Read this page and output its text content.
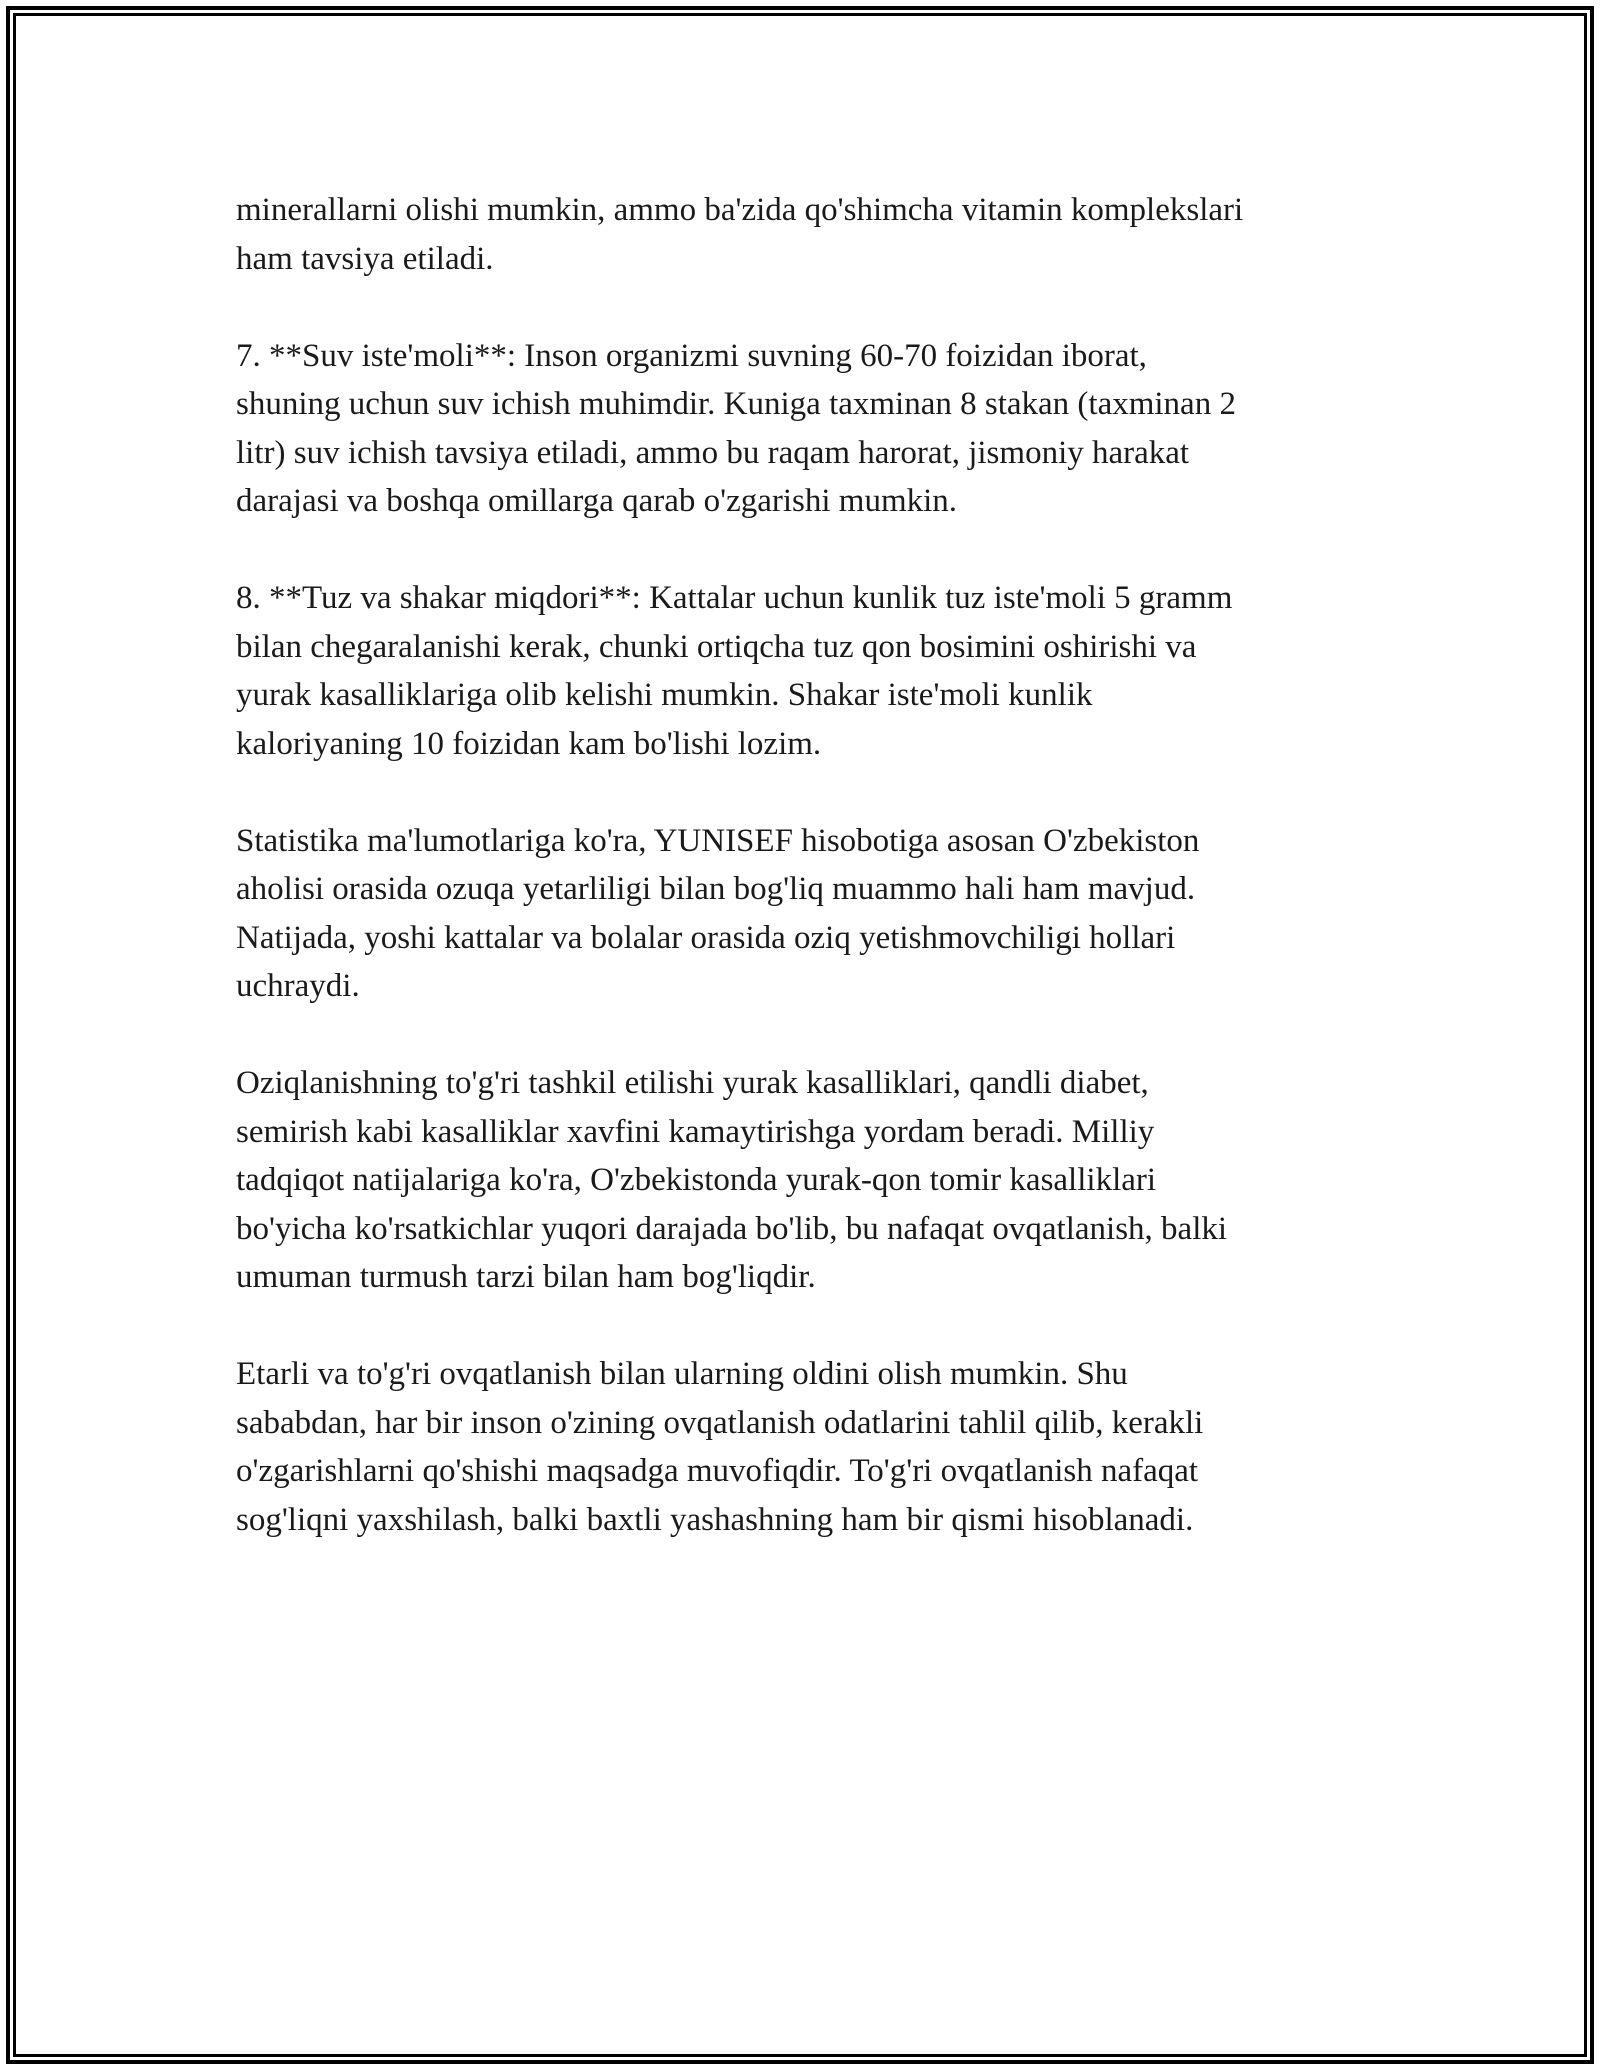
minerallarni olishi mumkin, ammo ba'zida qo'shimcha vitamin komplekslari
ham tavsiya etiladi.

7. **Suv iste'moli**: Inson organizmi suvning 60-70 foizidan iborat,
shuning uchun suv ichish muhimdir. Kuniga taxminan 8 stakan (taxminan 2
litr) suv ichish tavsiya etiladi, ammo bu raqam harorat, jismoniy harakat
darajasi va boshqa omillarga qarab o'zgarishi mumkin.

8. **Tuz va shakar miqdori**: Kattalar uchun kunlik tuz iste'moli 5 gramm
bilan chegaralanishi kerak, chunki ortiqcha tuz qon bosimini oshirishi va
yurak kasalliklariga olib kelishi mumkin. Shakar iste'moli kunlik
kaloriyaning 10 foizidan kam bo'lishi lozim.

Statistika ma'lumotlariga ko'ra, YUNISEF hisobotiga asosan O'zbekiston
aholisi orasida ozuqa yetarliligi bilan bog'liq muammo hali ham mavjud.
Natijada, yoshi kattalar va bolalar orasida oziq yetishmovchiligi hollari
uchraydi.

Oziqlanishning to'g'ri tashkil etilishi yurak kasalliklari, qandli diabet,
semirish kabi kasalliklar xavfini kamaytirishga yordam beradi. Milliy
tadqiqot natijalariga ko'ra, O'zbekistonda yurak-qon tomir kasalliklari
bo'yicha ko'rsatkichlar yuqori darajada bo'lib, bu nafaqat ovqatlanish, balki
umuman turmush tarzi bilan ham bog'liqdir.

Etarli va to'g'ri ovqatlanish bilan ularning oldini olish mumkin. Shu
sababdan, har bir inson o'zining ovqatlanish odatlarini tahlil qilib, kerakli
o'zgarishlarni qo'shishi maqsadga muvofiqdir. To'g'ri ovqatlanish nafaqat
sog'liqni yaxshilash, balki baxtli yashashning ham bir qismi hisoblanadi.
